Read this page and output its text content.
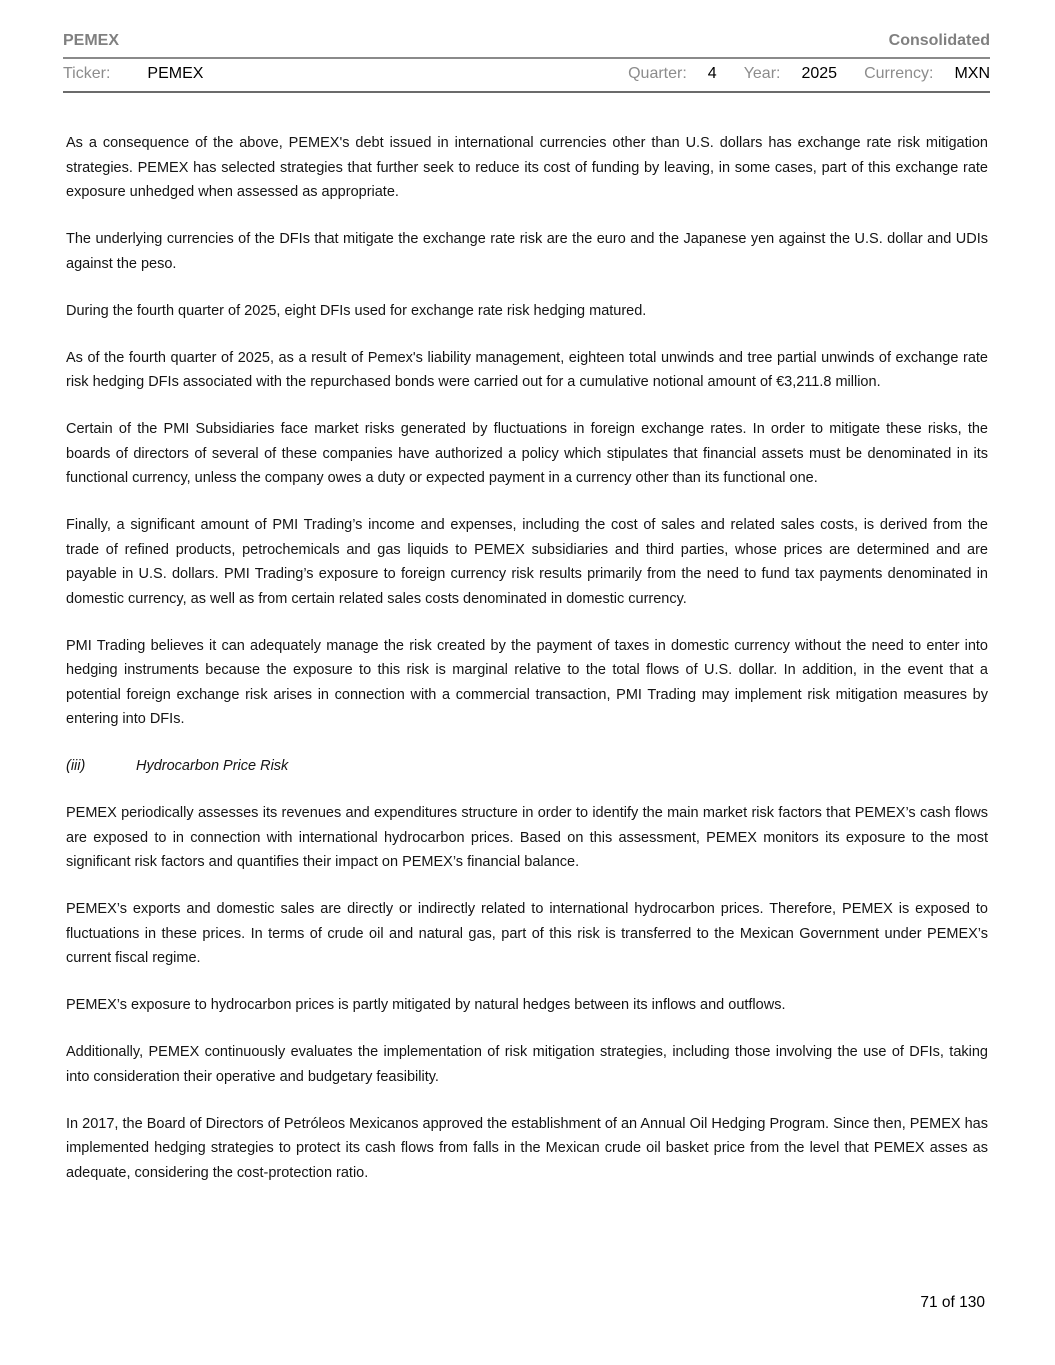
PEMEX	Consolidated
Ticker: PEMEX	Quarter: 4 Year: 2025 Currency: MXN

As a consequence of the above, PEMEX's debt issued in international currencies other than U.S. dollars has exchange rate risk mitigation strategies. PEMEX has selected strategies that further seek to reduce its cost of funding by leaving, in some cases, part of this exchange rate exposure unhedged when assessed as appropriate.

The underlying currencies of the DFIs that mitigate the exchange rate risk are the euro and the Japanese yen against the U.S. dollar and UDIs against the peso.

During the fourth quarter of 2025, eight DFIs used for exchange rate risk hedging matured.

As of the fourth quarter of 2025, as a result of Pemex's liability management, eighteen total unwinds and tree partial unwinds of exchange rate risk hedging DFIs associated with the repurchased bonds were carried out for a cumulative notional amount of €3,211.8 million.

Certain of the PMI Subsidiaries face market risks generated by fluctuations in foreign exchange rates. In order to mitigate these risks, the boards of directors of several of these companies have authorized a policy which stipulates that financial assets must be denominated in its functional currency, unless the company owes a duty or expected payment in a currency other than its functional one.

Finally, a significant amount of PMI Trading’s income and expenses, including the cost of sales and related sales costs, is derived from the trade of refined products, petrochemicals and gas liquids to PEMEX subsidiaries and third parties, whose prices are determined and are payable in U.S. dollars. PMI Trading’s exposure to foreign currency risk results primarily from the need to fund tax payments denominated in domestic currency, as well as from certain related sales costs denominated in domestic currency.

PMI Trading believes it can adequately manage the risk created by the payment of taxes in domestic currency without the need to enter into hedging instruments because the exposure to this risk is marginal relative to the total flows of U.S. dollar. In addition, in the event that a potential foreign exchange risk arises in connection with a commercial transaction, PMI Trading may implement risk mitigation measures by entering into DFIs.

(iii)	Hydrocarbon Price Risk

PEMEX periodically assesses its revenues and expenditures structure in order to identify the main market risk factors that PEMEX’s cash flows are exposed to in connection with international hydrocarbon prices. Based on this assessment, PEMEX monitors its exposure to the most significant risk factors and quantifies their impact on PEMEX’s financial balance.

PEMEX’s exports and domestic sales are directly or indirectly related to international hydrocarbon prices. Therefore, PEMEX is exposed to fluctuations in these prices. In terms of crude oil and natural gas, part of this risk is transferred to the Mexican Government under PEMEX’s current fiscal regime.

PEMEX’s exposure to hydrocarbon prices is partly mitigated by natural hedges between its inflows and outflows.

Additionally, PEMEX continuously evaluates the implementation of risk mitigation strategies, including those involving the use of DFIs, taking into consideration their operative and budgetary feasibility.

In 2017, the Board of Directors of Petróleos Mexicanos approved the establishment of an Annual Oil Hedging Program. Since then, PEMEX has implemented hedging strategies to protect its cash flows from falls in the Mexican crude oil basket price from the level that PEMEX asses as adequate, considering the cost-protection ratio.

71 of 130
